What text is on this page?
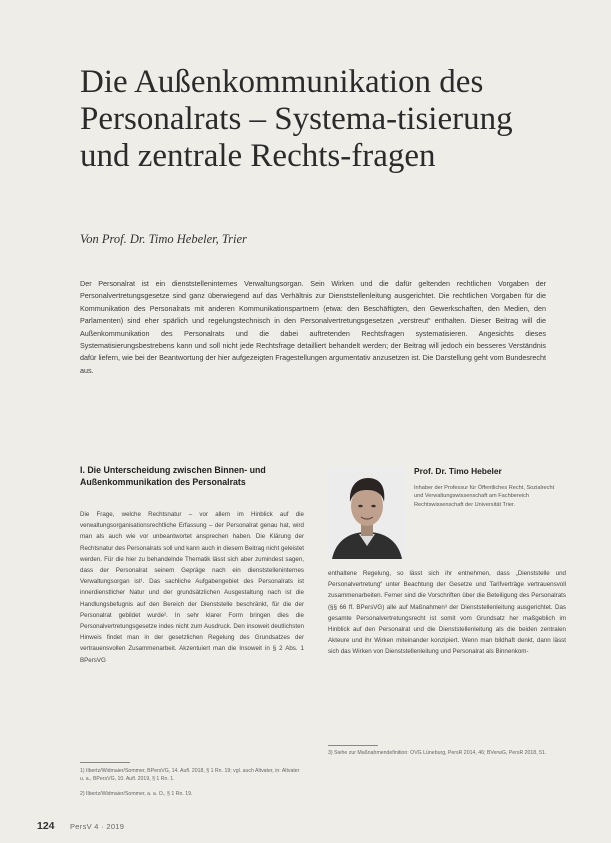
Die Außenkommunikation des Personalrats – Systema-tisierung und zentrale Rechts-fragen
Von Prof. Dr. Timo Hebeler, Trier

Der Personalrat ist ein dienststelleninternes Verwaltungsorgan. Sein Wirken und die dafür geltenden rechtlichen Vorgaben der Personalvertretungsgesetze sind ganz überwiegend auf das Verhältnis zur Dienststellenleitung ausgerichtet. Die rechtlichen Vorgaben für die Kommunikation des Personalrats mit anderen Kommunikationspartnern (etwa: den Beschäftigten, den Gewerkschaften, den Medien, den Parlamenten) sind eher spärlich und regelungstechnisch in den Personalvertretungsgesetzen „verstreut“ enthalten. Dieser Beitrag will die Außenkommunikation des Personalrats und die dabei auftretenden Rechtsfragen systematisieren. Angesichts dieses Systematisierungsbestrebens kann und soll nicht jede Rechtsfrage detailliert behandelt werden; der Beitrag will jedoch ein besseres Verständnis dafür liefern, wie bei der Beantwortung der hier aufgezeigten Fragestellungen argumentativ anzusetzen ist. Die Darstellung geht vom Bundesrecht aus.

I. Die Unterscheidung zwischen Binnen- und Außenkommunikation des Personalrats

Die Frage, welche Rechtsnatur – vor allem im Hinblick auf die verwaltungsorganisationsrechtliche Erfassung – der Personalrat genau hat, wird man als auch wie vor unbeantwortet ansprechen haben. Die Klärung der Rechtsnatur des Personalrats soll und kann auch in diesem Beitrag nicht geleistet werden. Für die hier zu behandelnde Thematik lässt sich aber zumindest sagen, dass der Personalrat seinem Gepräge nach ein dienststelleninternes Verwaltungsorgan ist¹. Das sachliche Aufgabengebiet des Personalrats ist innerdienstlicher Natur und der grundsätzlichen Ausgestaltung nach ist die Handlungsbefugnis auf den Bereich der Dienststelle beschränkt, für die der Personalrat gebildet wurde². In sehr klarer Form bringen dies die Personalvertretungsgesetze indes nicht zum Ausdruck. Den insoweit deutlichsten Hinweis findet man in der gesetzlichen Regelung des Grundsatzes der vertrauensvollen Zusammenarbeit. Akzentuiert man die Insoweit in § 2 Abs. 1 BPersVG

Prof. Dr. Timo Hebeler

Inhaber der Professur für Öffentliches Recht, Sozialrecht und Verwaltungswissenschaft am Fachbereich Rechtswissenschaft der Universität Trier.

enthaltene Regelung, so lässt sich ihr entnehmen, dass „Dienststelle und Personalvertretung“ unter Beachtung der Gesetze und Tarifverträge vertrauensvoll zusammenarbeiten. Ferner sind die Vorschriften über die Beteiligung des Personalrats (§§ 66 ff. BPersVG) alle auf Maßnahmen³ der Dienststellenleitung ausgerichtet. Das gesamte Personalvertretungsrecht ist somit vom Grundsatz her maßgeblich im Hinblick auf den Personalrat und die Dienststellenleitung als die beiden zentralen Akteure und ihr Wirken miteinander konzipiert. Wenn man bildhaft denkt, dann lässt sich das Wirken von Dienststellenleitung und Personalrat als Binnenkom-

1) Ilbertz/Widmaier/Sommer, BPersVG, 14. Aufl. 2018, § 1 Rn. 19; vgl. auch Altvater, in: Altvater u. a., BPersVG, 10. Aufl. 2019, § 1 Rn. 1.

2) Ilbertz/Widmaier/Sommer, a. a. O., § 1 Rn. 19.

3) Siehe zur Maßnahmendefinition: OVG Lüneburg, PersR 2014, 46; BVerwG, PersR 2018, 51.

124 PersV 4 · 2019
